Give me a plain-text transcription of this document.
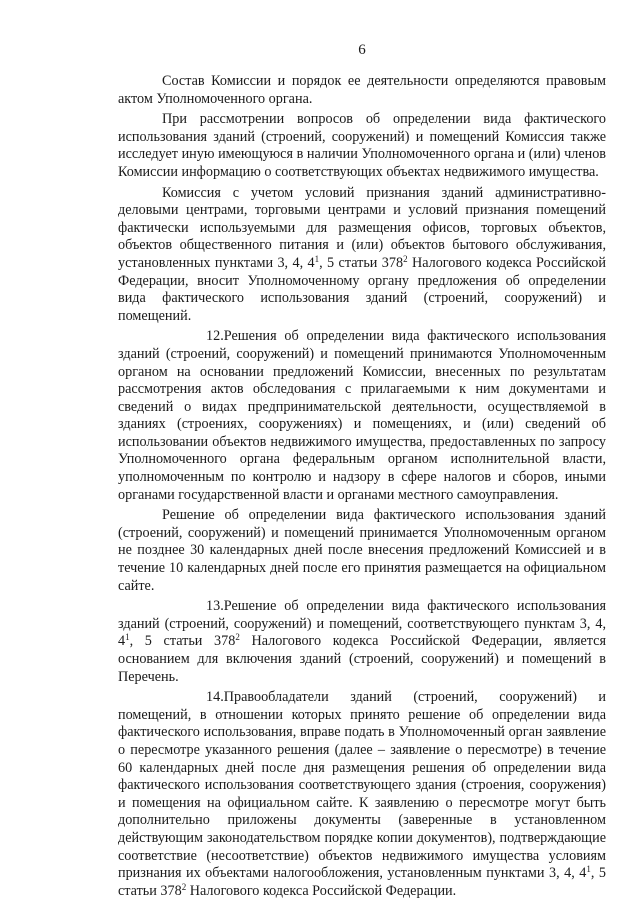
6

Состав Комиссии и порядок ее деятельности определяются правовым актом Уполномоченного органа.

При рассмотрении вопросов об определении вида фактического использования зданий (строений, сооружений) и помещений Комиссия также исследует иную имеющуюся в наличии Уполномоченного органа и (или) членов Комиссии информацию о соответствующих объектах недвижимого имущества.

Комиссия с учетом условий признания зданий административно-деловыми центрами, торговыми центрами и условий признания помещений фактически используемыми для размещения офисов, торговых объектов, объектов общественного питания и (или) объектов бытового обслуживания, установленных пунктами 3, 4, $4^1$, 5 статьи $378^2$ Налогового кодекса Российской Федерации, вносит Уполномоченному органу предложения об определении вида фактического использования зданий (строений, сооружений) и помещений.

12.Решения об определении вида фактического использования зданий (строений, сооружений) и помещений принимаются Уполномоченным органом на основании предложений Комиссии, внесенных по результатам рассмотрения актов обследования с прилагаемыми к ним документами и сведений о видах предпринимательской деятельности, осуществляемой в зданиях (строениях, сооружениях) и помещениях, и (или) сведений об использовании объектов недвижимого имущества, предоставленных по запросу Уполномоченного органа федеральным органом исполнительной власти, уполномоченным по контролю и надзору в сфере налогов и сборов, иными органами государственной власти и органами местного самоуправления.

Решение об определении вида фактического использования зданий (строений, сооружений) и помещений принимается Уполномоченным органом не позднее 30 календарных дней после внесения предложений Комиссией и в течение 10 календарных дней после его принятия размещается на официальном сайте.

13.Решение об определении вида фактического использования зданий (строений, сооружений) и помещений, соответствующего пунктам 3, 4, $4^1$, 5 статьи $378^2$ Налогового кодекса Российской Федерации, является основанием для включения зданий (строений, сооружений) и помещений в Перечень.

14.Правообладатели зданий (строений, сооружений) и помещений, в отношении которых принято решение об определении вида фактического использования, вправе подать в Уполномоченный орган заявление о пересмотре указанного решения (далее – заявление о пересмотре) в течение 60 календарных дней после дня размещения решения об определении вида фактического использования соответствующего здания (строения, сооружения) и помещения на официальном сайте. К заявлению о пересмотре могут быть дополнительно приложены документы (заверенные в установленном действующим законодательством порядке копии документов), подтверждающие соответствие (несоответствие) объектов недвижимого имущества условиям признания их объектами налогообложения, установленным пунктами 3, 4, $4^1$, 5 статьи $378^2$ Налогового кодекса Российской Федерации.
